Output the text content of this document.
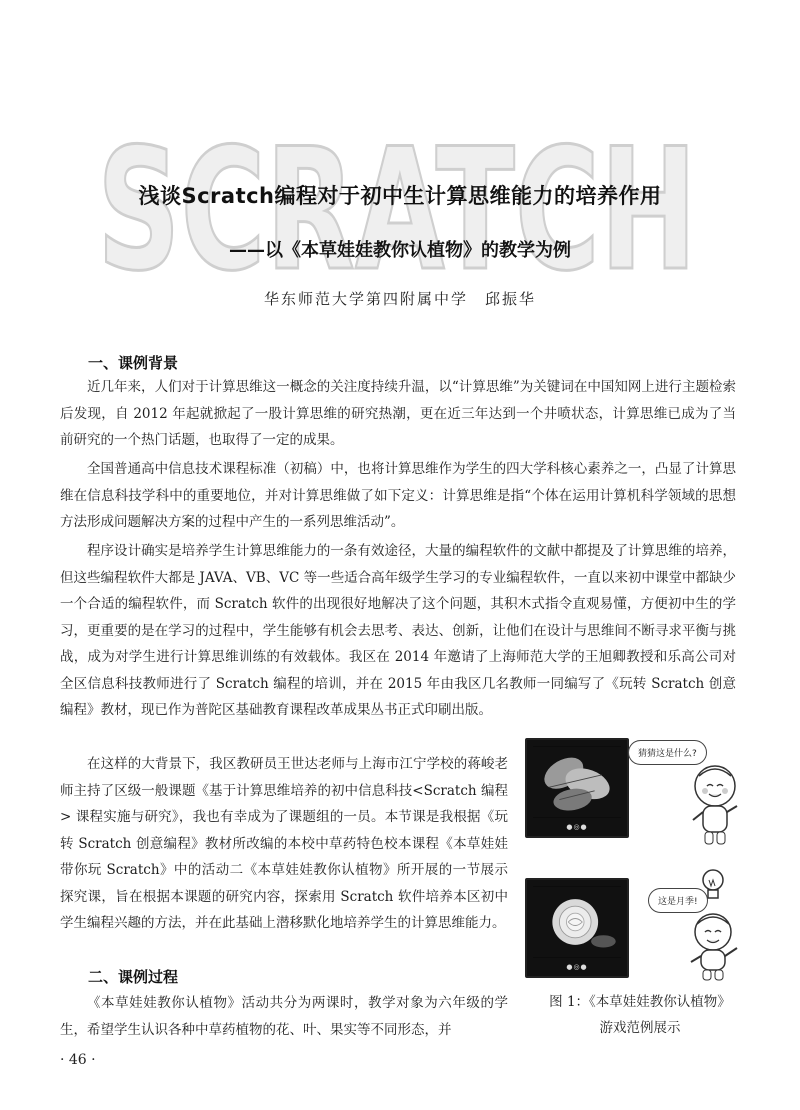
SCRATCH
浅谈Scratch编程对于初中生计算思维能力的培养作用
——以《本草娃娃教你认植物》的教学为例

华东师范大学第四附属中学　邱振华

一、课例背景

近几年来，人们对于计算思维这一概念的关注度持续升温，以“计算思维”为关键词在中国知网上进行主题检索后发现，自 2012 年起就掀起了一股计算思维的研究热潮，更在近三年达到一个井喷状态，计算思维已成为了当前研究的一个热门话题，也取得了一定的成果。

全国普通高中信息技术课程标准（初稿）中，也将计算思维作为学生的四大学科核心素养之一，凸显了计算思维在信息科技学科中的重要地位，并对计算思维做了如下定义：计算思维是指“个体在运用计算机科学领域的思想方法形成问题解决方案的过程中产生的一系列思维活动”。

程序设计确实是培养学生计算思维能力的一条有效途径，大量的编程软件的文献中都提及了计算思维的培养，但这些编程软件大都是 JAVA、VB、VC 等一些适合高年级学生学习的专业编程软件，一直以来初中课堂中都缺少一个合适的编程软件，而 Scratch 软件的出现很好地解决了这个问题，其积木式指令直观易懂，方便初中生的学习，更重要的是在学习的过程中，学生能够有机会去思考、表达、创新，让他们在设计与思维间不断寻求平衡与挑战，成为对学生进行计算思维训练的有效载体。我区在 2014 年邀请了上海师范大学的王旭卿教授和乐高公司对全区信息科技教师进行了 Scratch 编程的培训，并在 2015 年由我区几名教师一同编写了《玩转 Scratch 创意编程》教材，现已作为普陀区基础教育课程改革成果丛书正式印刷出版。

在这样的大背景下，我区教研员王世达老师与上海市江宁学校的蒋峻老师主持了区级一般课题《基于计算思维培养的初中信息科技<Scratch 编程 > 课程实施与研究》，我也有幸成为了课题组的一员。本节课是我根据《玩转 Scratch 创意编程》教材所改编的本校中草药特色校本课程《本草娃娃带你玩 Scratch》中的活动二《本草娃娃教你认植物》所开展的一节展示探究课，旨在根据本课题的研究内容，探索用 Scratch 软件培养本区初中学生编程兴趣的方法，并在此基础上潜移默化地培养学生的计算思维能力。

二、课例过程

《本草娃娃教你认植物》活动共分为两课时，教学对象为六年级的学生，希望学生认识各种中草药植物的花、叶、果实等不同形态，并

●◎●
猜猜这是什么?
●◎●
这是月季!

图 1：《本草娃娃教你认植物》

游戏范例展示

· 46 ·
